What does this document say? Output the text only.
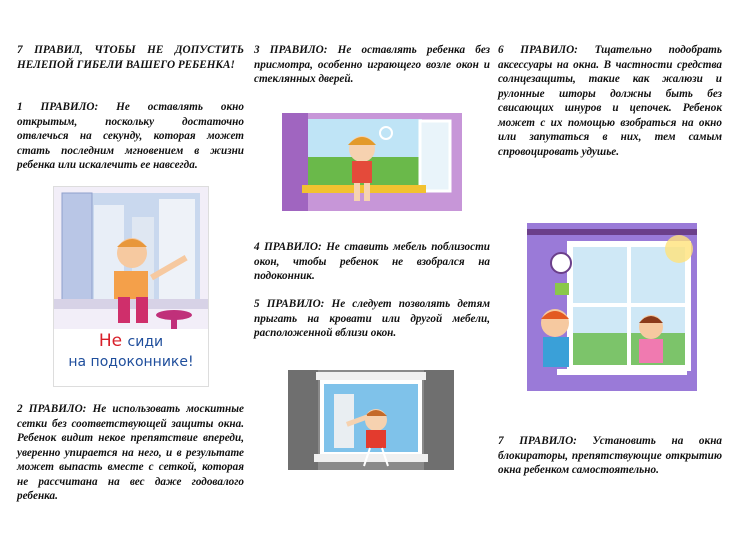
7 ПРАВИЛ, ЧТОБЫ НЕ ДОПУСТИТЬ НЕЛЕПОЙ ГИБЕЛИ ВАШЕГО РЕБЕНКА!
1 ПРАВИЛО: Не оставлять окно открытым, поскольку достаточно отвлечься на секунду, которая может стать последним мгновением в жизни ребенка или искалечить ее навсегда.
Не сиди
на подоконнике!
2 ПРАВИЛО: Не использовать москитные сетки без соответствующей защиты окна. Ребенок видит некое препятствие впереди, уверенно упирается на него, и в результате может выпасть вместе с сеткой, которая не рассчитана на вес даже годовалого ребенка.
3 ПРАВИЛО: Не оставлять ребенка без присмотра, особенно играющего возле окон и стеклянных дверей.
4 ПРАВИЛО: Не ставить мебель поблизости окон, чтобы ребенок не взобрался на подоконник.
5 ПРАВИЛО: Не следует позволять детям прыгать на кровати или другой мебели, расположенной вблизи окон.
6 ПРАВИЛО: Тщательно подобрать аксессуары на окна. В частности средства солнцезащиты, такие как жалюзи и рулонные шторы должны быть без свисающих шнуров и цепочек. Ребенок может с их помощью взобраться на окно или запутаться в них, тем самым спровоцировать удушье.
7 ПРАВИЛО: Установить на окна блокираторы, препятствующие открытию окна ребенком самостоятельно.
